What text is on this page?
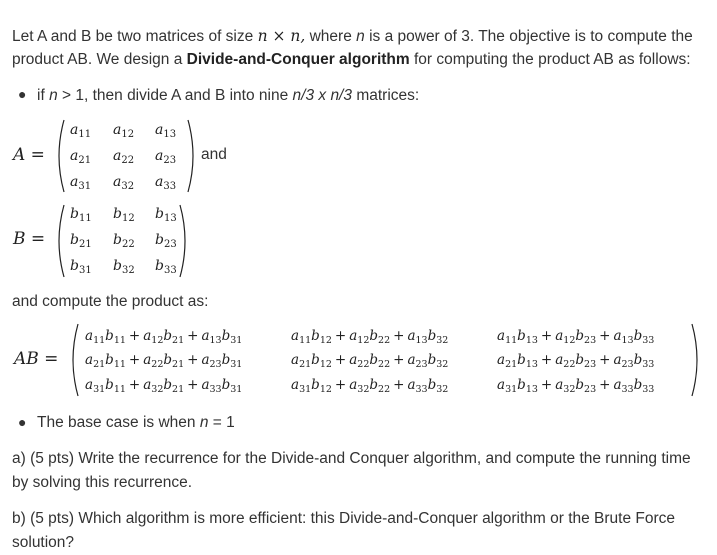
Let A and B be two matrices of size n × n, where n is a power of 3. The objective is to compute the

product AB. We design a Divide-and-Conquer algorithm for computing the product AB as follows:

● if n > 1, then divide A and B into nine n/3 x n/3 matrices:

A =
$a_{11}$ $a_{12}$ $a_{13}$
$a_{21}$ $a_{22}$ $a_{23}$
$a_{31}$ $a_{32}$ $a_{33}$
and
B =
$b_{11}$ $b_{12}$ $b_{13}$
$b_{21}$ $b_{22}$ $b_{23}$
$b_{31}$ $b_{32}$ $b_{33}$

and compute the product as:

AB =
$a_{11}b_{11} + a_{12}b_{21} + a_{13}b_{31}$	$a_{11}b_{12} + a_{12}b_{22} + a_{13}b_{32}$	$a_{11}b_{13} + a_{12}b_{23} + a_{13}b_{33}$
$a_{21}b_{11} + a_{22}b_{21} + a_{23}b_{31}$	$a_{21}b_{12} + a_{22}b_{22} + a_{23}b_{32}$	$a_{21}b_{13} + a_{22}b_{23} + a_{23}b_{33}$
$a_{31}b_{11} + a_{32}b_{21} + a_{33}b_{31}$	$a_{31}b_{12} + a_{32}b_{22} + a_{33}b_{32}$	$a_{31}b_{13} + a_{32}b_{23} + a_{33}b_{33}$
● The base case is when n = 1

a) (5 pts) Write the recurrence for the Divide-and Conquer algorithm, and compute the running time

by solving this recurrence.

b) (5 pts) Which algorithm is more efficient: this Divide-and-Conquer algorithm or the Brute Force

solution?
